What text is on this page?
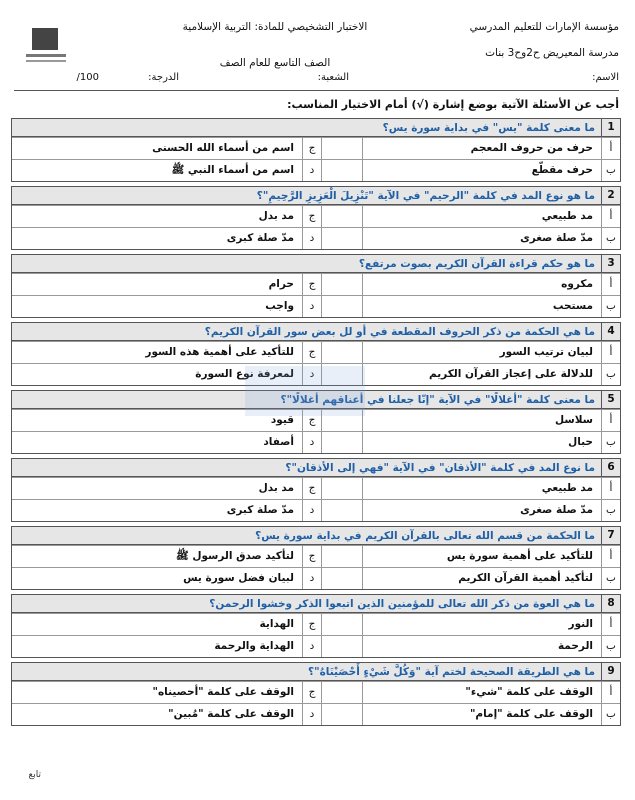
مؤسسة الإمارات للتعليم المدرسي
مدرسة المعيريض ح2وح3 بنات
الاختبار التشخيصي للمادة: التربية الإسلامية
الصف التاسع للعام الصف
الاسم:
الشعبة:
الدرجة:
100/
أجب عن الأسئلة الآتية بوضع إشارة (√) أمام الاختيار المناسب:
1
ما معنى كلمة "يس" في بداية سورة يس؟
أ
حرف من حروف المعجم
ج
اسم من أسماء الله الحسنى
ب
حرف مقطّع
د
اسم من أسماء النبي ﷺ
2
ما هو نوع المد في كلمة "الرحيم" في الآية "تَنْزِيلَ الْعَزِيزِ الرَّحِيمِ"؟
أ
مد طبيعي
ج
مد بدل
ب
مدّ صلة صغرى
د
مدّ صلة كبرى
3
ما هو حكم قراءة القرآن الكريم بصوت مرتفع؟
أ
مكروه
ج
حرام
ب
مستحب
د
واجب
4
ما هي الحكمة من ذكر الحروف المقطعة في أو لل بعض سور القرآن الكريم؟
أ
لبيان ترتيب السور
ج
للتأكيد على أهمية هذه السور
ب
للدلالة على إعجاز القرآن الكريم
د
لمعرفة نوع السورة
5
ما معنى كلمة "أغلالًا" في الآية "إنّا جعلنا في أعناقهم أغلالًا"؟
أ
سلاسل
ج
قيود
ب
حبال
د
أصفاد
6
ما نوع المد في كلمة "الأذقان" في الآية "فهي إلى الأذقان"؟
أ
مد طبيعي
ج
مد بدل
ب
مدّ صلة صغرى
د
مدّ صلة كبرى
7
ما الحكمة من قسم الله تعالى بالقرآن الكريم في بداية سورة يس؟
أ
للتأكيد على أهمية سورة يس
ج
لتأكيد صدق الرسول ﷺ
ب
لتأكيد أهمية القرآن الكريم
د
لبيان فضل سورة يس
8
ما هي العوة من ذكر الله تعالى للمؤمنين الذين اتبعوا الذكر وخشوا الرحمن؟
أ
النور
ج
الهداية
ب
الرحمة
د
الهداية والرحمة
9
ما هي الطريقة الصحيحة لختم آية "وَكُلَّ شَيْءٍ أَحْصَيْنَاهُ"؟
أ
الوقف على كلمة "شيء"
ج
الوقف على كلمة "أحصيناه"
ب
الوقف على كلمة "إمام"
د
الوقف على كلمة "مُبين"
تابع
